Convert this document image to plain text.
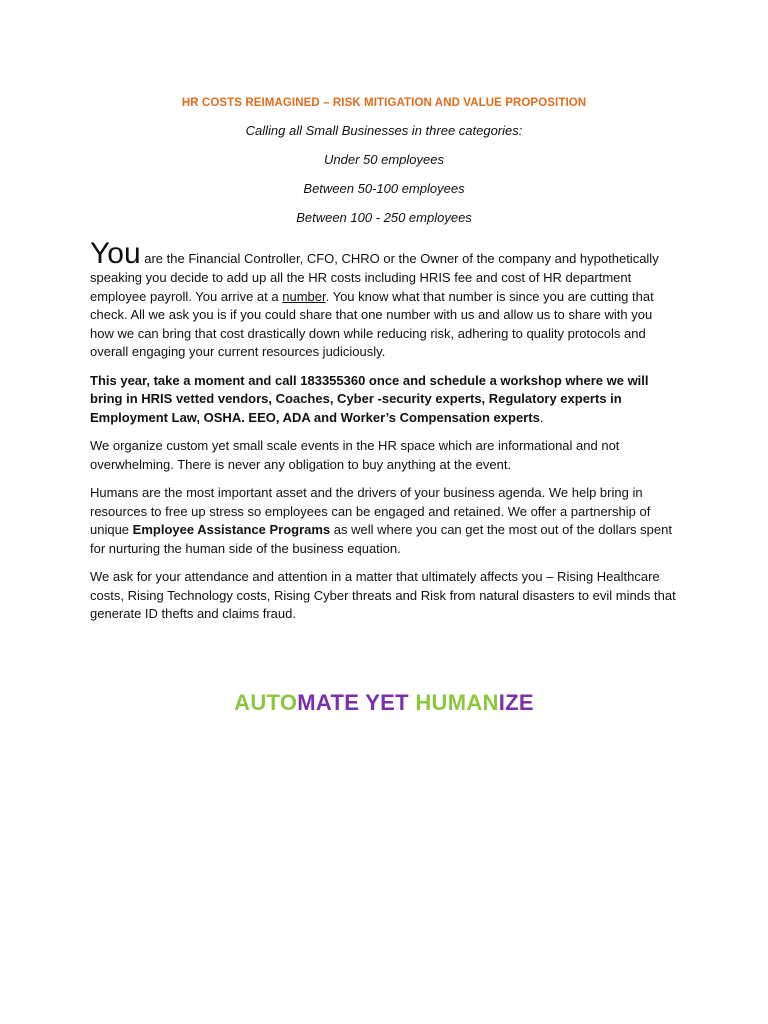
HR COSTS REIMAGINED – RISK MITIGATION AND VALUE PROPOSITION

Calling all Small Businesses in three categories:

Under 50 employees

Between 50-100 employees

Between 100 - 250 employees

You are the Financial Controller, CFO, CHRO or the Owner of the company and hypothetically speaking you decide to add up all the HR costs including HRIS fee and cost of HR department employee payroll. You arrive at a number. You know what that number is since you are cutting that check. All we ask you is if you could share that one number with us and allow us to share with you how we can bring that cost drastically down while reducing risk, adhering to quality protocols and overall engaging your current resources judiciously.

This year, take a moment and call 183355360 once and schedule a workshop where we will bring in HRIS vetted vendors, Coaches, Cyber -security experts, Regulatory experts in Employment Law, OSHA. EEO, ADA and Worker’s Compensation experts.

We organize custom yet small scale events in the HR space which are informational and not overwhelming. There is never any obligation to buy anything at the event.

Humans are the most important asset and the drivers of your business agenda. We help bring in resources to free up stress so employees can be engaged and retained. We offer a partnership of unique Employee Assistance Programs as well where you can get the most out of the dollars spent for nurturing the human side of the business equation.

We ask for your attendance and attention in a matter that ultimately affects you – Rising Healthcare costs, Rising Technology costs, Rising Cyber threats and Risk from natural disasters to evil minds that generate ID thefts and claims fraud.

AUTOMATE YET HUMANIZE
